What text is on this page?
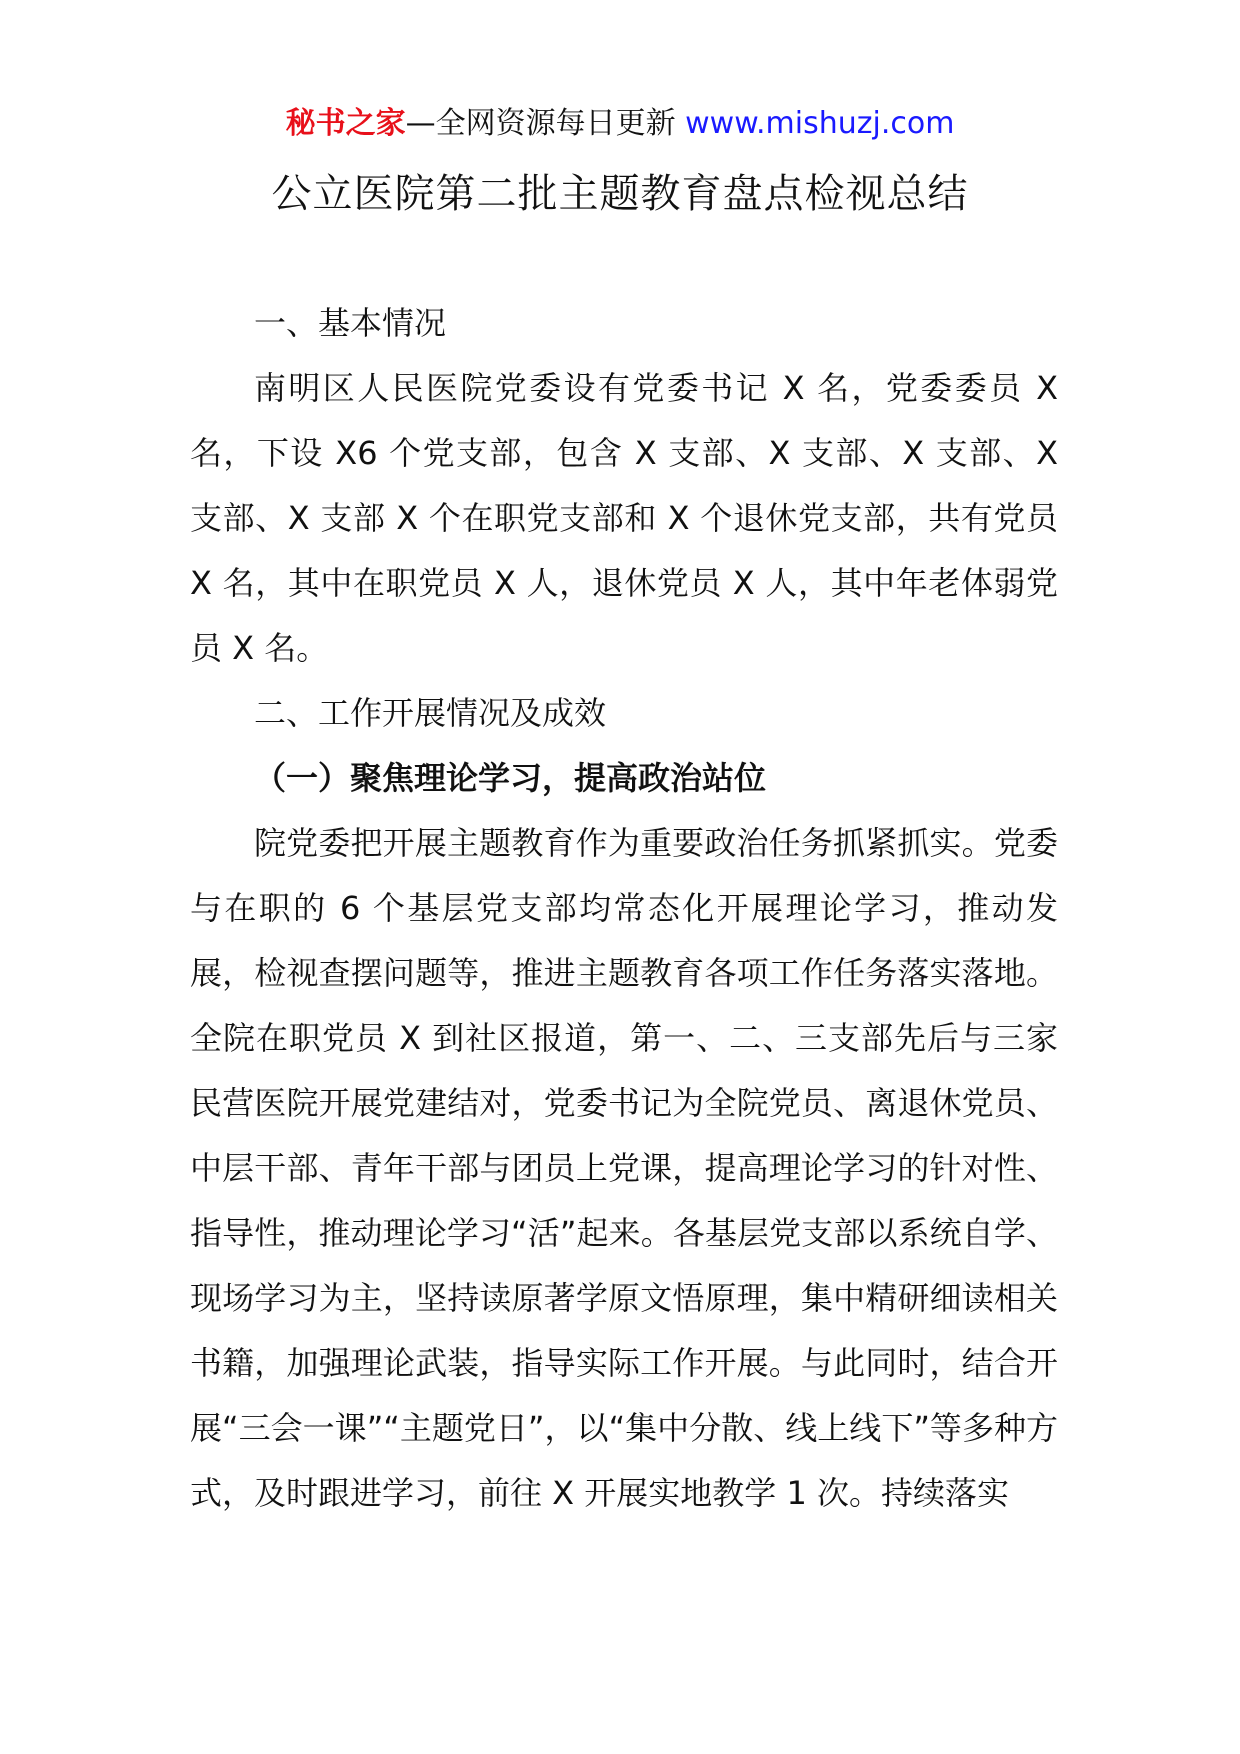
秘书之家—全网资源每日更新 www.mishuzj.com
公立医院第二批主题教育盘点检视总结

一、基本情况

南明区人民医院党委设有党委书记 X 名，党委委员 X 名，下设 X6 个党支部，包含 X 支部、X 支部、X 支部、X 支部、X 支部 X 个在职党支部和 X 个退休党支部，共有党员 X 名，其中在职党员 X 人，退休党员 X 人，其中年老体弱党员 X 名。

二、工作开展情况及成效

（一）聚焦理论学习，提高政治站位

院党委把开展主题教育作为重要政治任务抓紧抓实。党委与在职的 6 个基层党支部均常态化开展理论学习，推动发展，检视查摆问题等，推进主题教育各项工作任务落实落地。全院在职党员 X 到社区报道，第一、二、三支部先后与三家民营医院开展党建结对，党委书记为全院党员、离退休党员、中层干部、青年干部与团员上党课，提高理论学习的针对性、指导性，推动理论学习“活”起来。各基层党支部以系统自学、现场学习为主，坚持读原著学原文悟原理，集中精研细读相关书籍，加强理论武装，指导实际工作开展。与此同时，结合开展“三会一课”“主题党日”，以“集中分散、线上线下”等多种方式，及时跟进学习，前往 X 开展实地教学 1 次。持续落实
